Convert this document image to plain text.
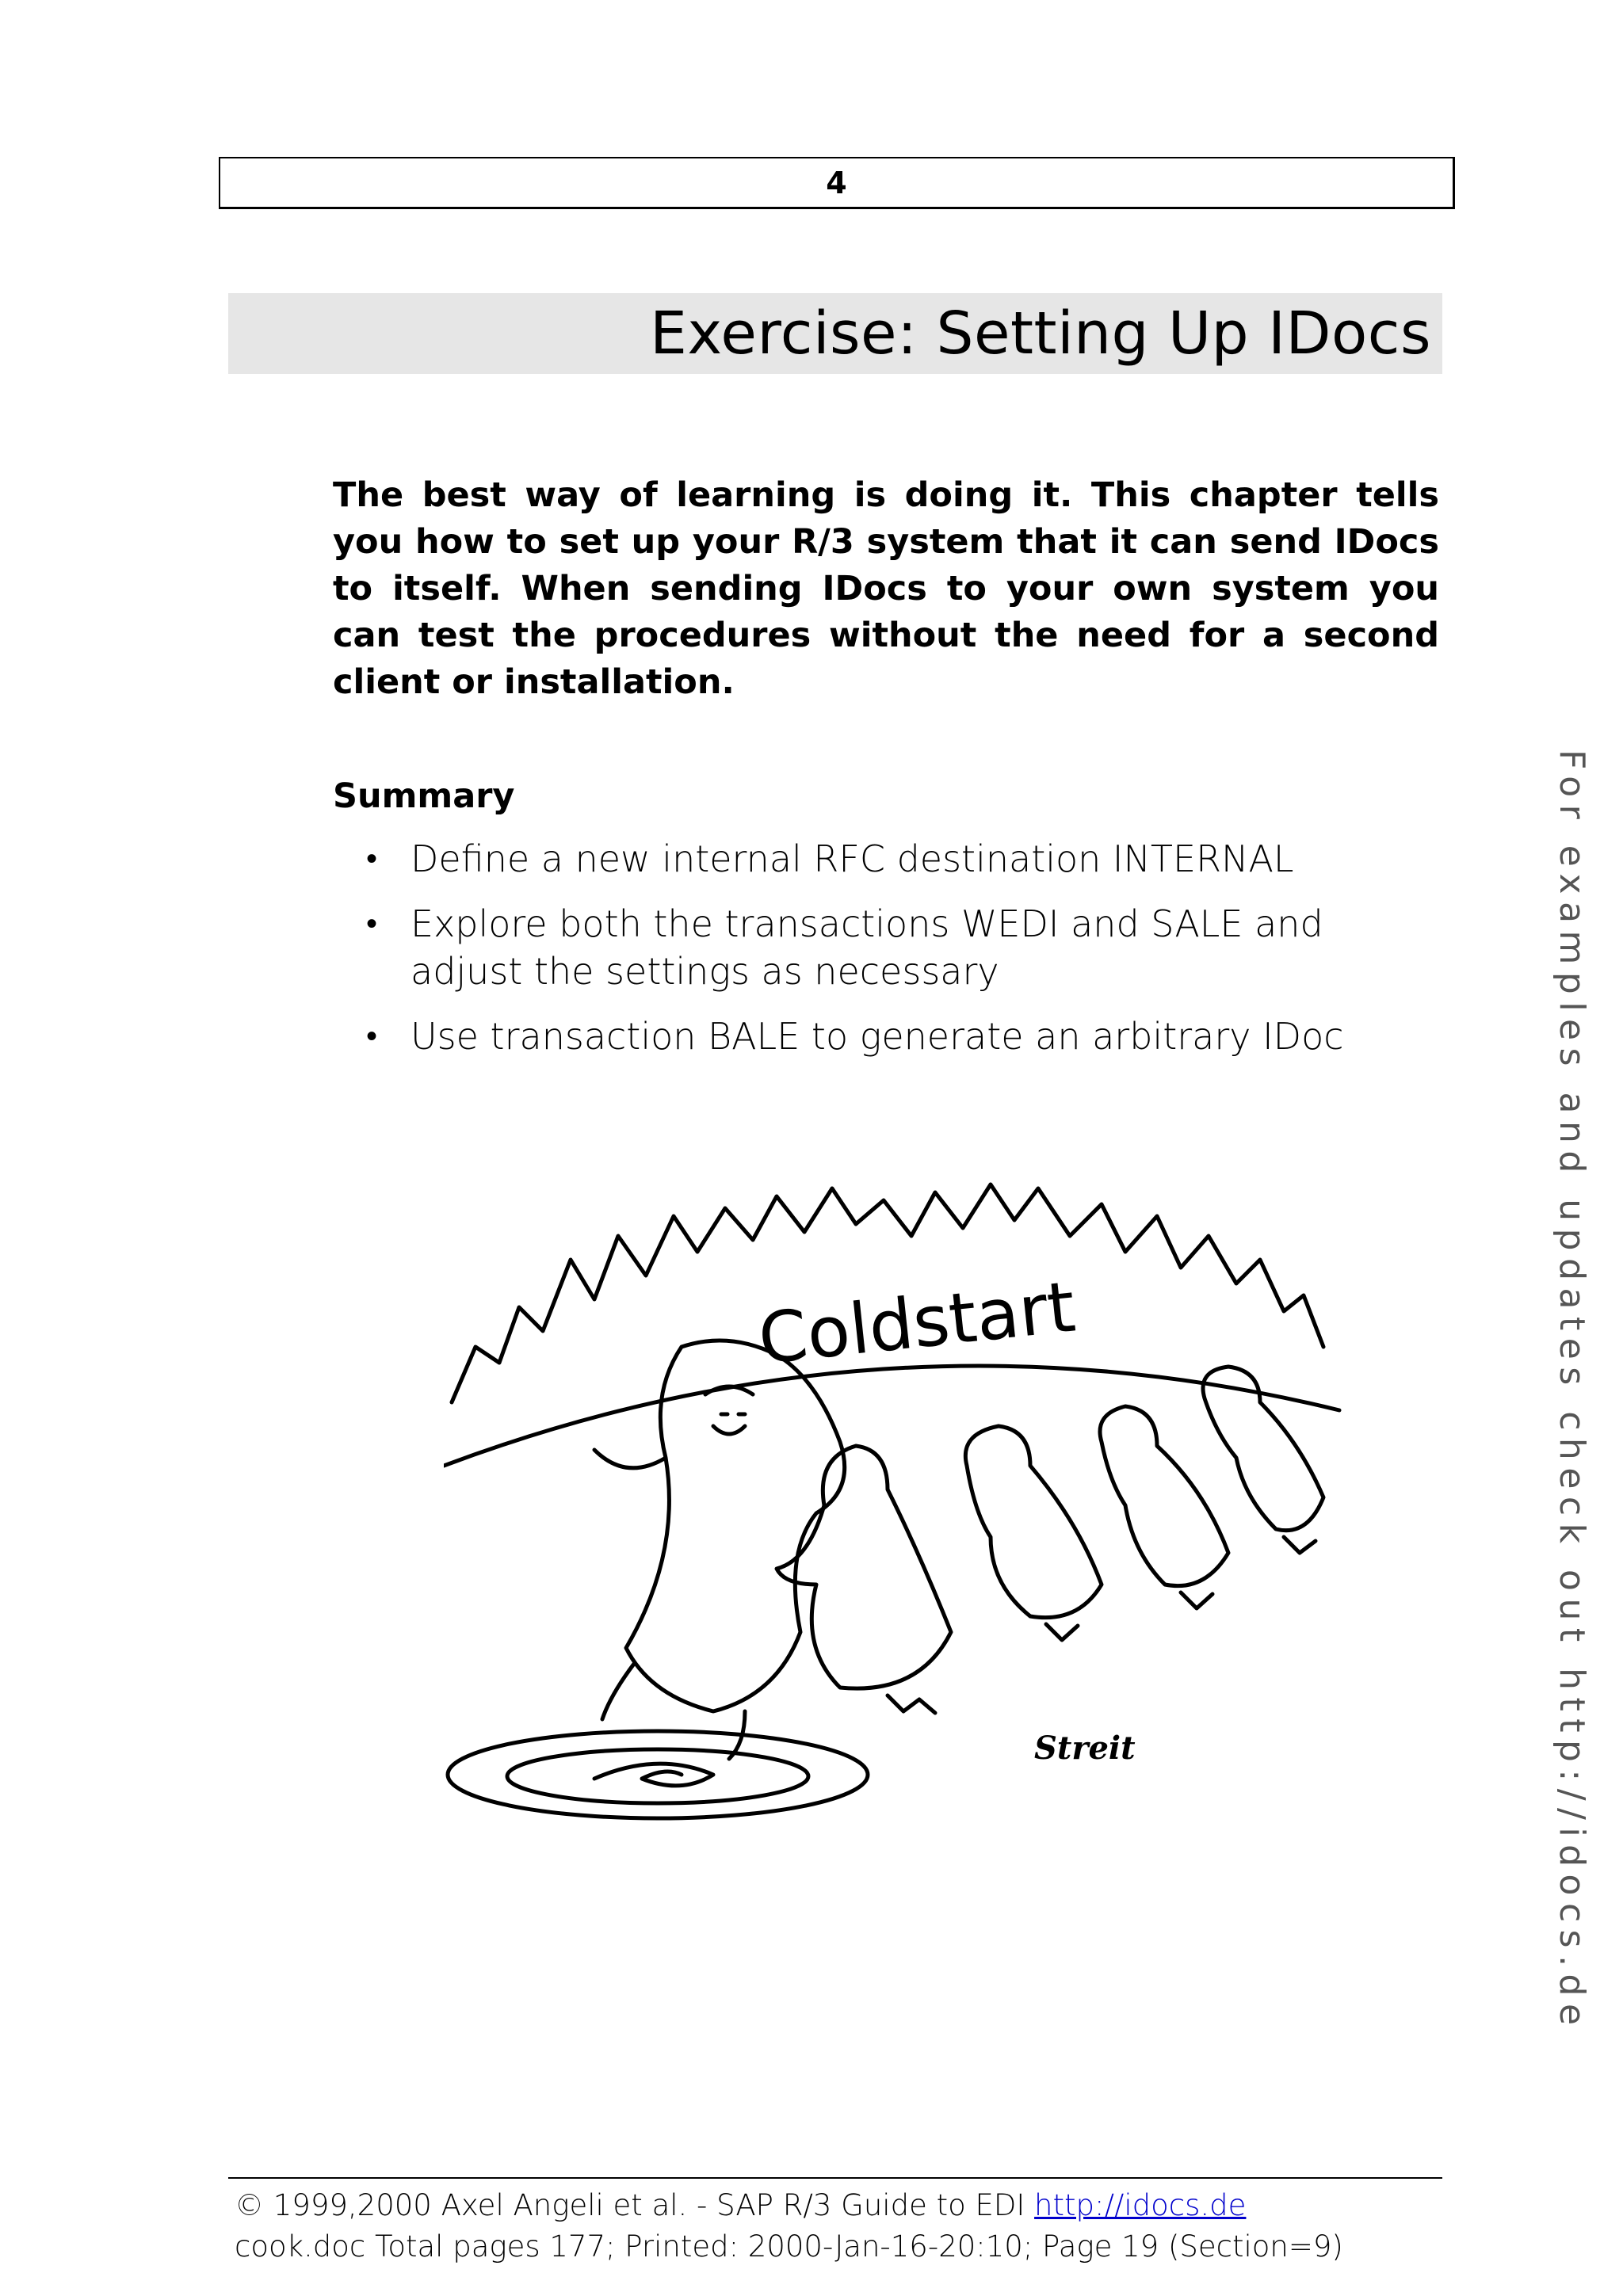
4
Exercise: Setting Up IDocs

The best way of learning is doing it. This chapter tells you how to set up your R/3 system that it can send IDocs to itself. When sending IDocs to your own system you can test the procedures without the need for a second client or installation.

Summary
• Define a new internal RFC destination INTERNAL
• Explore both the transactions WEDI and SALE and adjust the settings as necessary
• Use transaction BALE to generate an arbitrary IDoc	For examples and updates check out http://idocs.de
Coldstart
Streit
© 1999,2000 Axel Angeli et al. - SAP R/3 Guide to EDI http://idocs.de
cook.doc Total pages 177; Printed: 2000-Jan-16-20:10; Page 19 (Section=9)
